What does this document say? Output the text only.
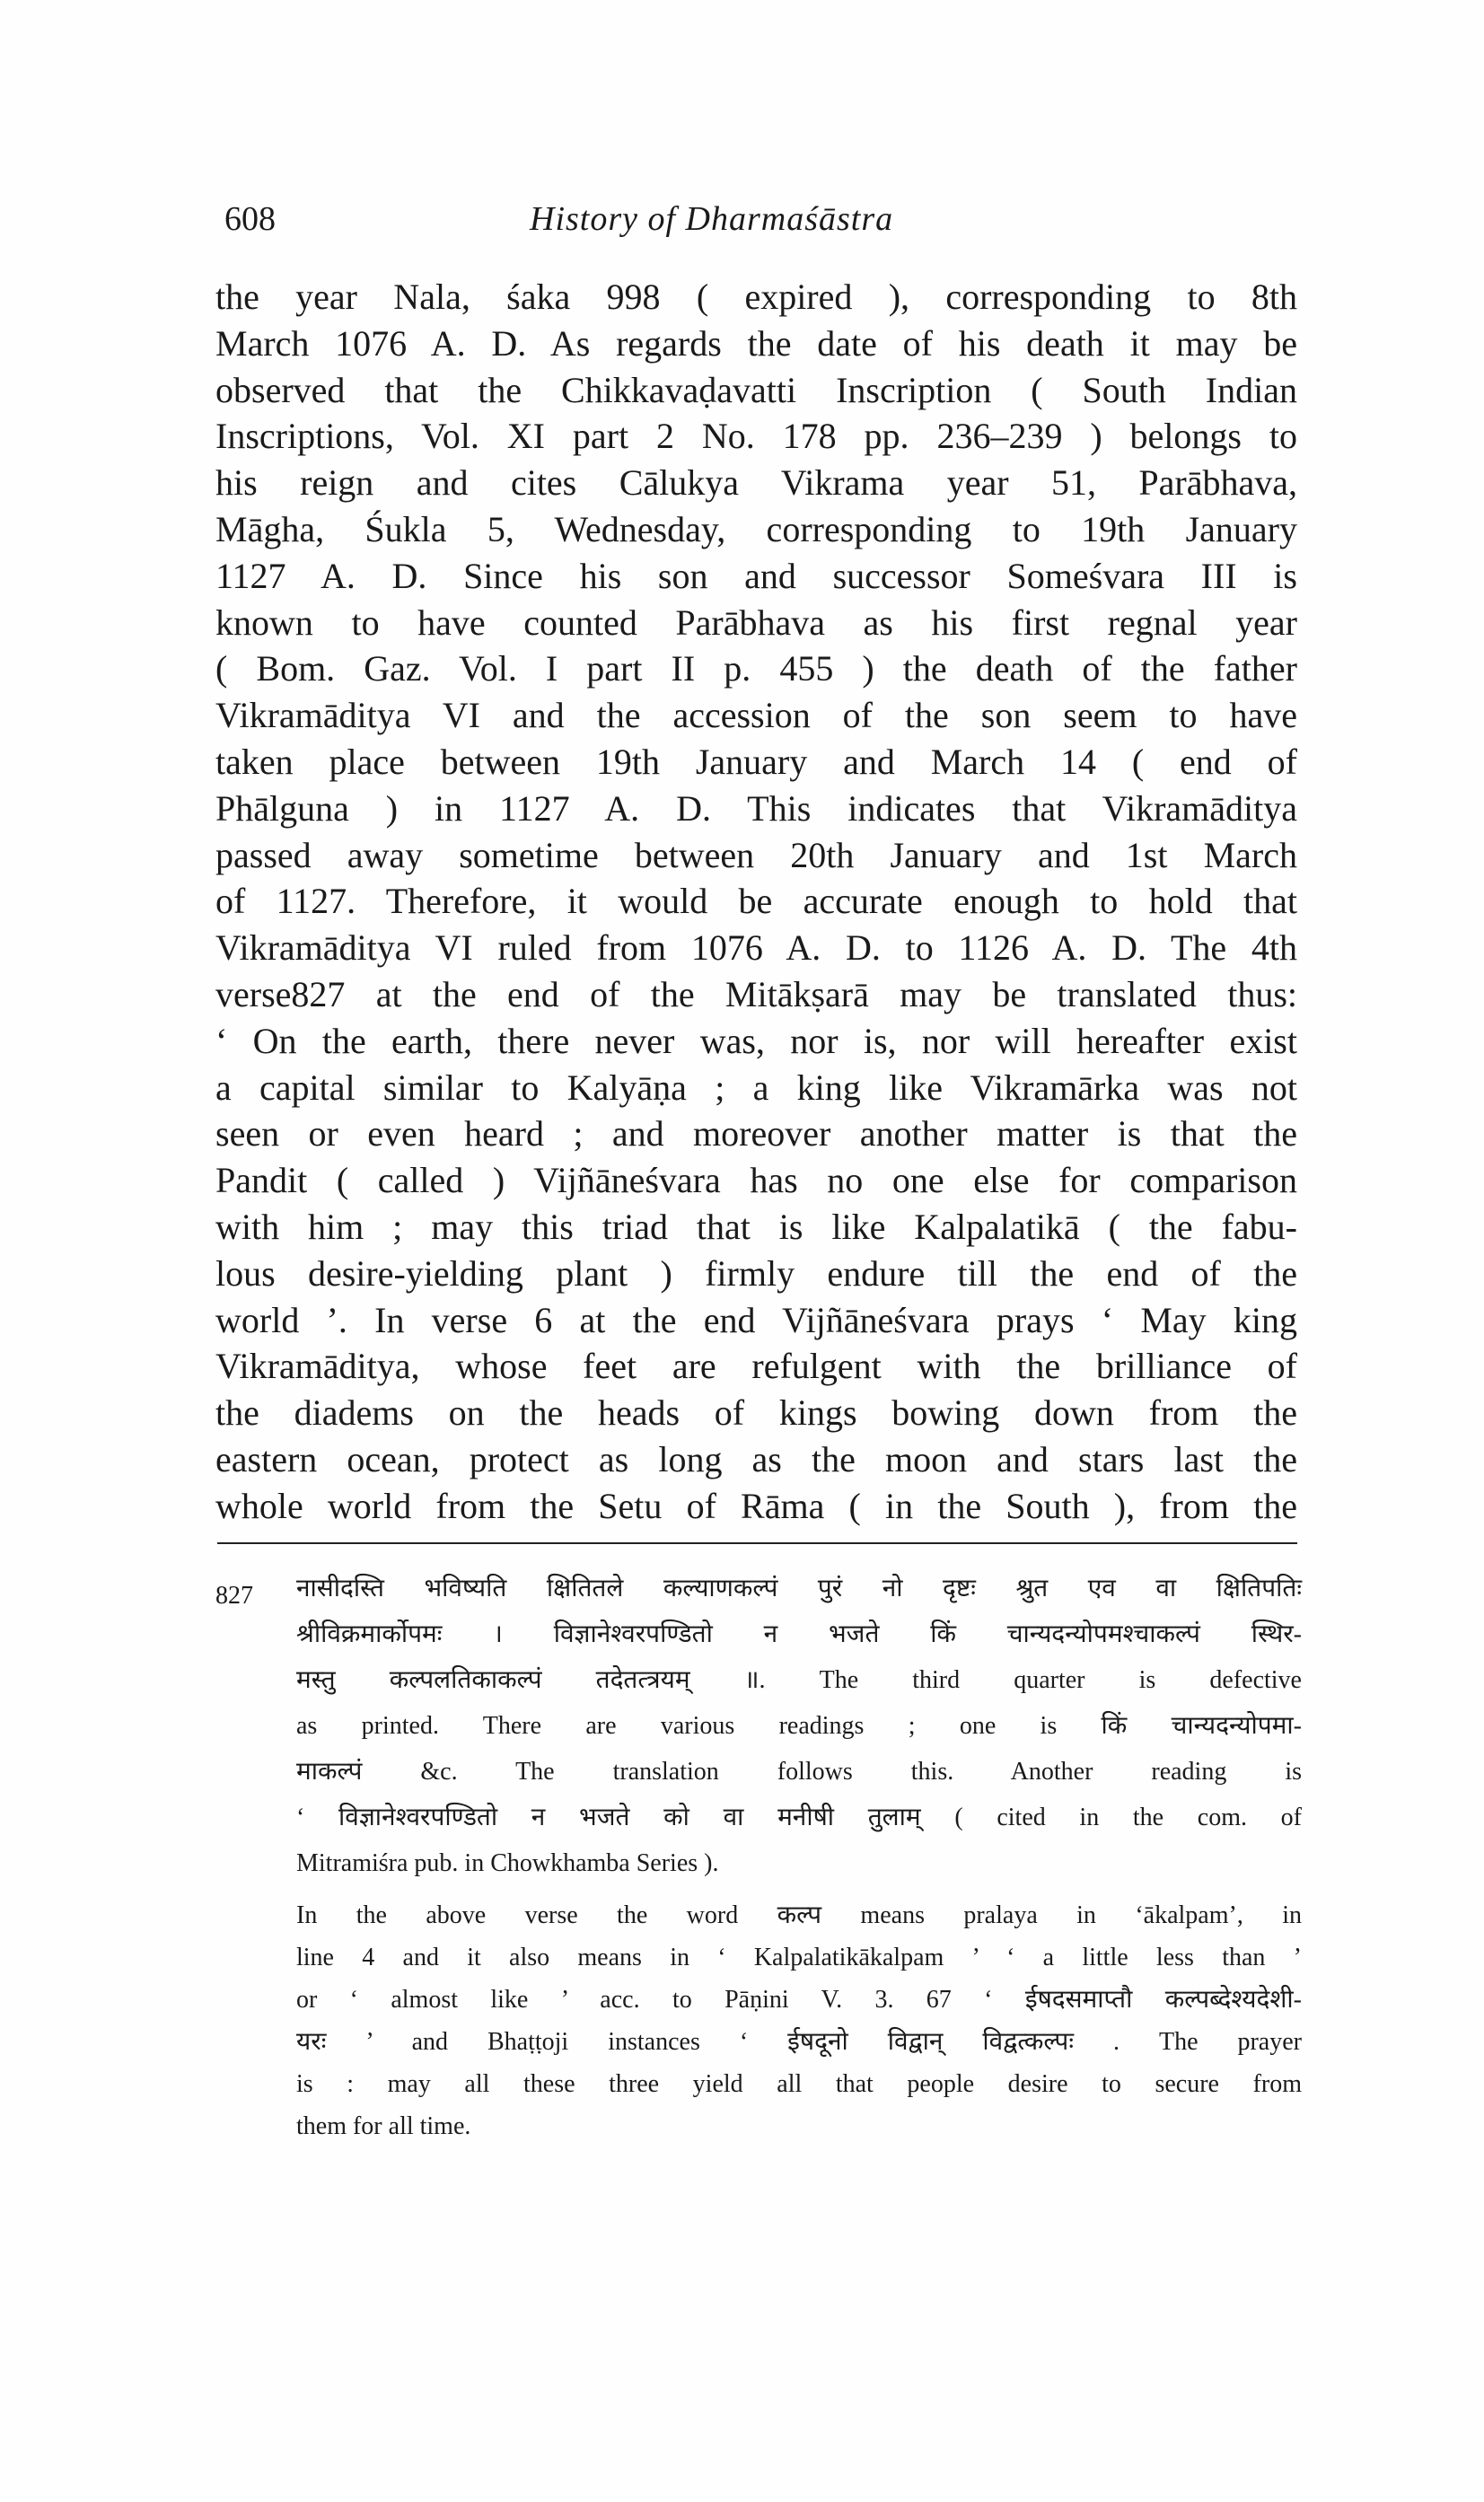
608	History of Dharmaśāstra
the year Nala, śaka 998 ( expired ), corresponding to 8th
March 1076 A. D. As regards the date of his death it may be
observed that the Chikkavaḍavatti Inscription ( South Indian
Inscriptions, Vol. XI part 2 No. 178 pp. 236–239 ) belongs to
his reign and cites Cālukya Vikrama year 51, Parābhava,
Māgha, Śukla 5, Wednesday, corresponding to 19th January
1127 A. D. Since his son and successor Someśvara III is
known to have counted Parābhava as his first regnal year
( Bom. Gaz. Vol. I part II p. 455 ) the death of the father
Vikramāditya VI and the accession of the son seem to have
taken place between 19th January and March 14 ( end of
Phālguna ) in 1127 A. D. This indicates that Vikramāditya
passed away sometime between 20th January and 1st March
of 1127. Therefore, it would be accurate enough to hold that
Vikramāditya VI ruled from 1076 A. D. to 1126 A. D. The 4th
verse827 at the end of the Mitākṣarā may be translated thus:
‘ On the earth, there never was, nor is, nor will hereafter exist
a capital similar to Kalyāṇa ; a king like Vikramārka was not
seen or even heard ; and moreover another matter is that the
Pandit ( called ) Vijñāneśvara has no one else for comparison
with him ; may this triad that is like Kalpalatikā ( the fabu-
lous desire-yielding plant ) firmly endure till the end of the
world ’. In verse 6 at the end Vijñāneśvara prays ‘ May king
Vikramāditya, whose feet are refulgent with the brilliance of
the diadems on the heads of kings bowing down from the
eastern ocean, protect as long as the moon and stars last the
whole world from the Setu of Rāma ( in the South ), from the
827 नासीदस्ति भविष्यति क्षितितले कल्याणकल्पं पुरं नो दृष्टः श्रुत एव वा क्षितिपतिः
श्रीविक्रमार्कोपमः । विज्ञानेश्वरपण्डितो न भजते किं चान्यदन्योपमश्चाकल्पं स्थिर-
मस्तु कल्पलतिकाकल्पं तदेतत्त्रयम् ॥. The third quarter is defective
as printed. There are various readings ; one is किं चान्यदन्योपमा-
माकल्पं &c. The translation follows this. Another reading is
‘ विज्ञानेश्वरपण्डितो न भजते को वा मनीषी तुलाम् ( cited in the com. of
Mitramiśra pub. in Chowkhamba Series ).
In the above verse the word कल्प means pralaya in ‘ākalpam’, in
line 4 and it also means in ‘ Kalpalatikākalpam ’ ‘ a little less than ’
or ‘ almost like ’ acc. to Pāṇini V. 3. 67 ‘ ईषदसमाप्तौ कल्पब्देश्यदेशी-
यरः ’ and Bhaṭṭoji instances ‘ ईषदूनो विद्वान् विद्वत्कल्पः . The prayer
is : may all these three yield all that people desire to secure from
them for all time.
